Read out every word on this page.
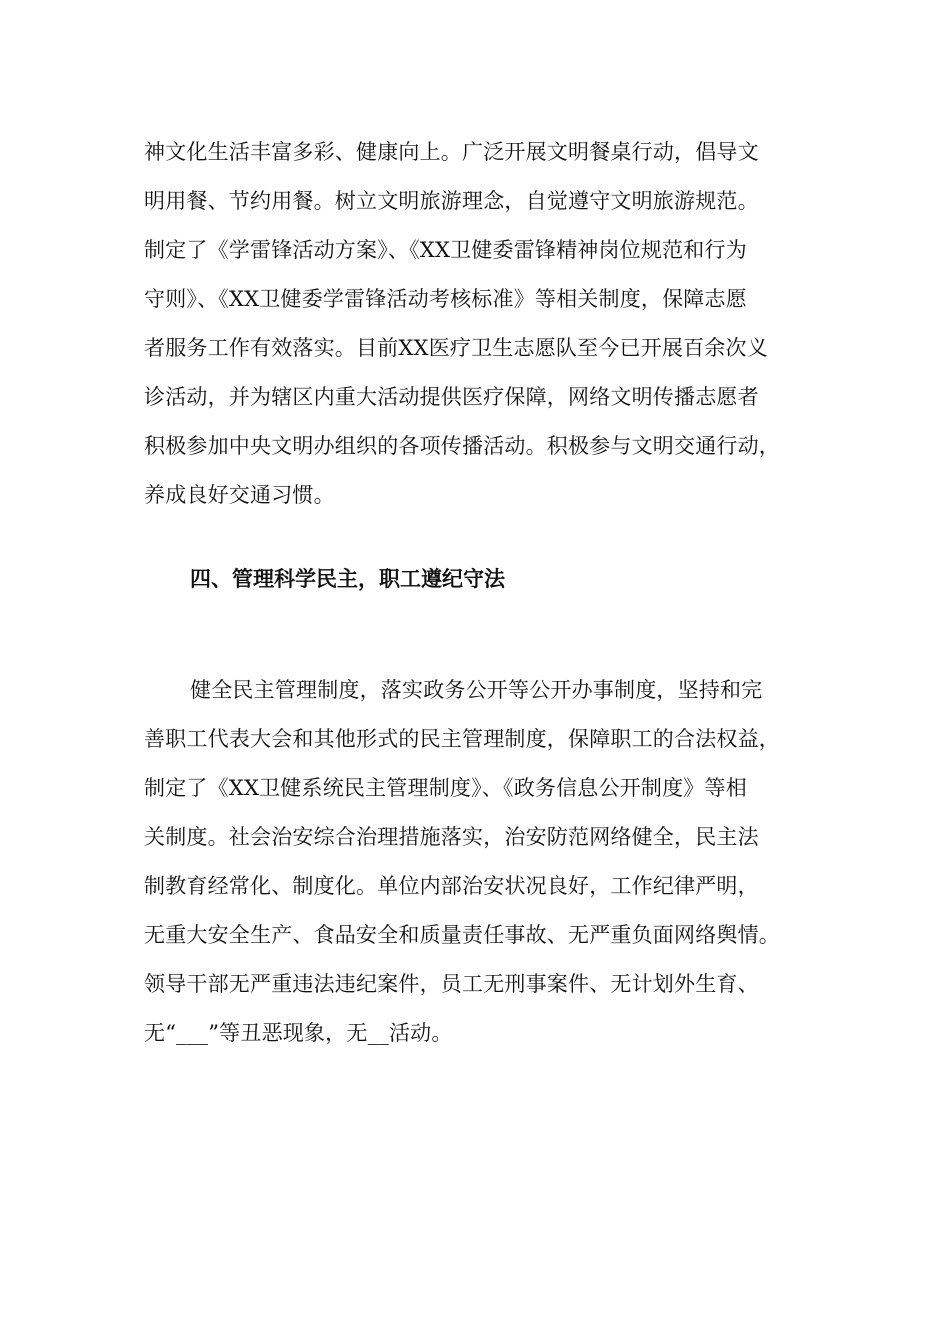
神文化生活丰富多彩、健康向上。广泛开展文明餐桌行动，倡导文
明用餐、节约用餐。树立文明旅游理念，自觉遵守文明旅游规范。
制定了《学雷锋活动方案》、《XX卫健委雷锋精神岗位规范和行为
守则》、《XX卫健委学雷锋活动考核标准》等相关制度，保障志愿
者服务工作有效落实。目前XX医疗卫生志愿队至今已开展百余次义
诊活动，并为辖区内重大活动提供医疗保障，网络文明传播志愿者
积极参加中央文明办组织的各项传播活动。积极参与文明交通行动，
养成良好交通习惯。
四、管理科学民主，职工遵纪守法
健全民主管理制度，落实政务公开等公开办事制度，坚持和完
善职工代表大会和其他形式的民主管理制度，保障职工的合法权益，
制定了《XX卫健系统民主管理制度》、《政务信息公开制度》等相
关制度。社会治安综合治理措施落实，治安防范网络健全，民主法
制教育经常化、制度化。单位内部治安状况良好，工作纪律严明，
无重大安全生产、食品安全和质量责任事故、无严重负面网络舆情。
领导干部无严重违法违纪案件，员工无刑事案件、无计划外生育、
无“___”等丑恶现象，无__活动。
